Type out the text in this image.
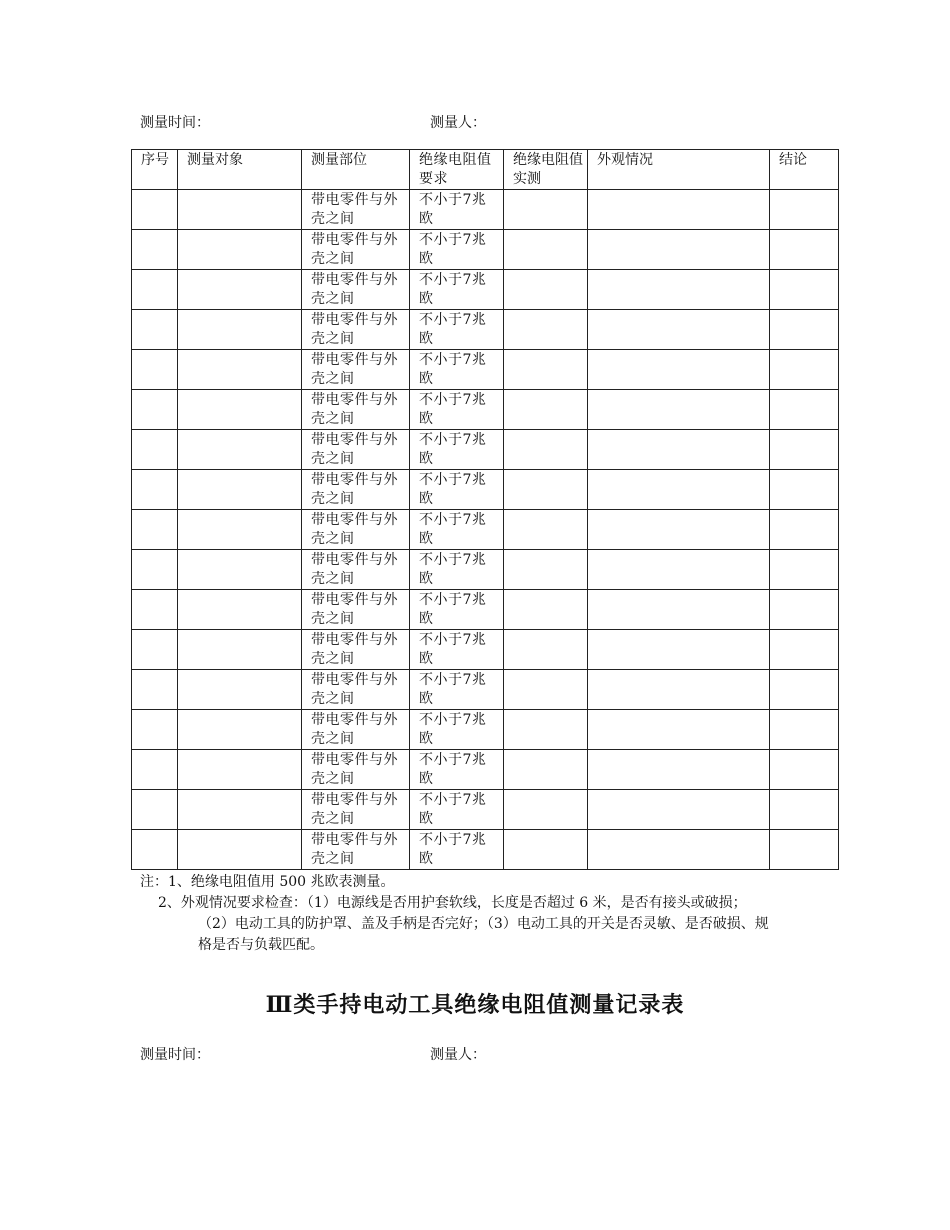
测量时间：	测量人：
序号	测量对象	测量部位	绝缘电阻值要求	绝缘电阻值实测	外观情况	结论
		带电零件与外壳之间	不小于7兆欧			
		带电零件与外壳之间	不小于7兆欧			
		带电零件与外壳之间	不小于7兆欧			
		带电零件与外壳之间	不小于7兆欧			
		带电零件与外壳之间	不小于7兆欧			
		带电零件与外壳之间	不小于7兆欧			
		带电零件与外壳之间	不小于7兆欧			
		带电零件与外壳之间	不小于7兆欧			
		带电零件与外壳之间	不小于7兆欧			
		带电零件与外壳之间	不小于7兆欧			
		带电零件与外壳之间	不小于7兆欧			
		带电零件与外壳之间	不小于7兆欧			
		带电零件与外壳之间	不小于7兆欧			
		带电零件与外壳之间	不小于7兆欧			
		带电零件与外壳之间	不小于7兆欧			
		带电零件与外壳之间	不小于7兆欧			
		带电零件与外壳之间	不小于7兆欧			
注：1、绝缘电阻值用 500 兆欧表测量。
2、外观情况要求检查：（1）电源线是否用护套软线，长度是否超过 6 米，是否有接头或破损；
（2）电动工具的防护罩、盖及手柄是否完好；（3）电动工具的开关是否灵敏、是否破损、规
格是否与负载匹配。
Ⅲ类手持电动工具绝缘电阻值测量记录表
测量时间：	测量人：
